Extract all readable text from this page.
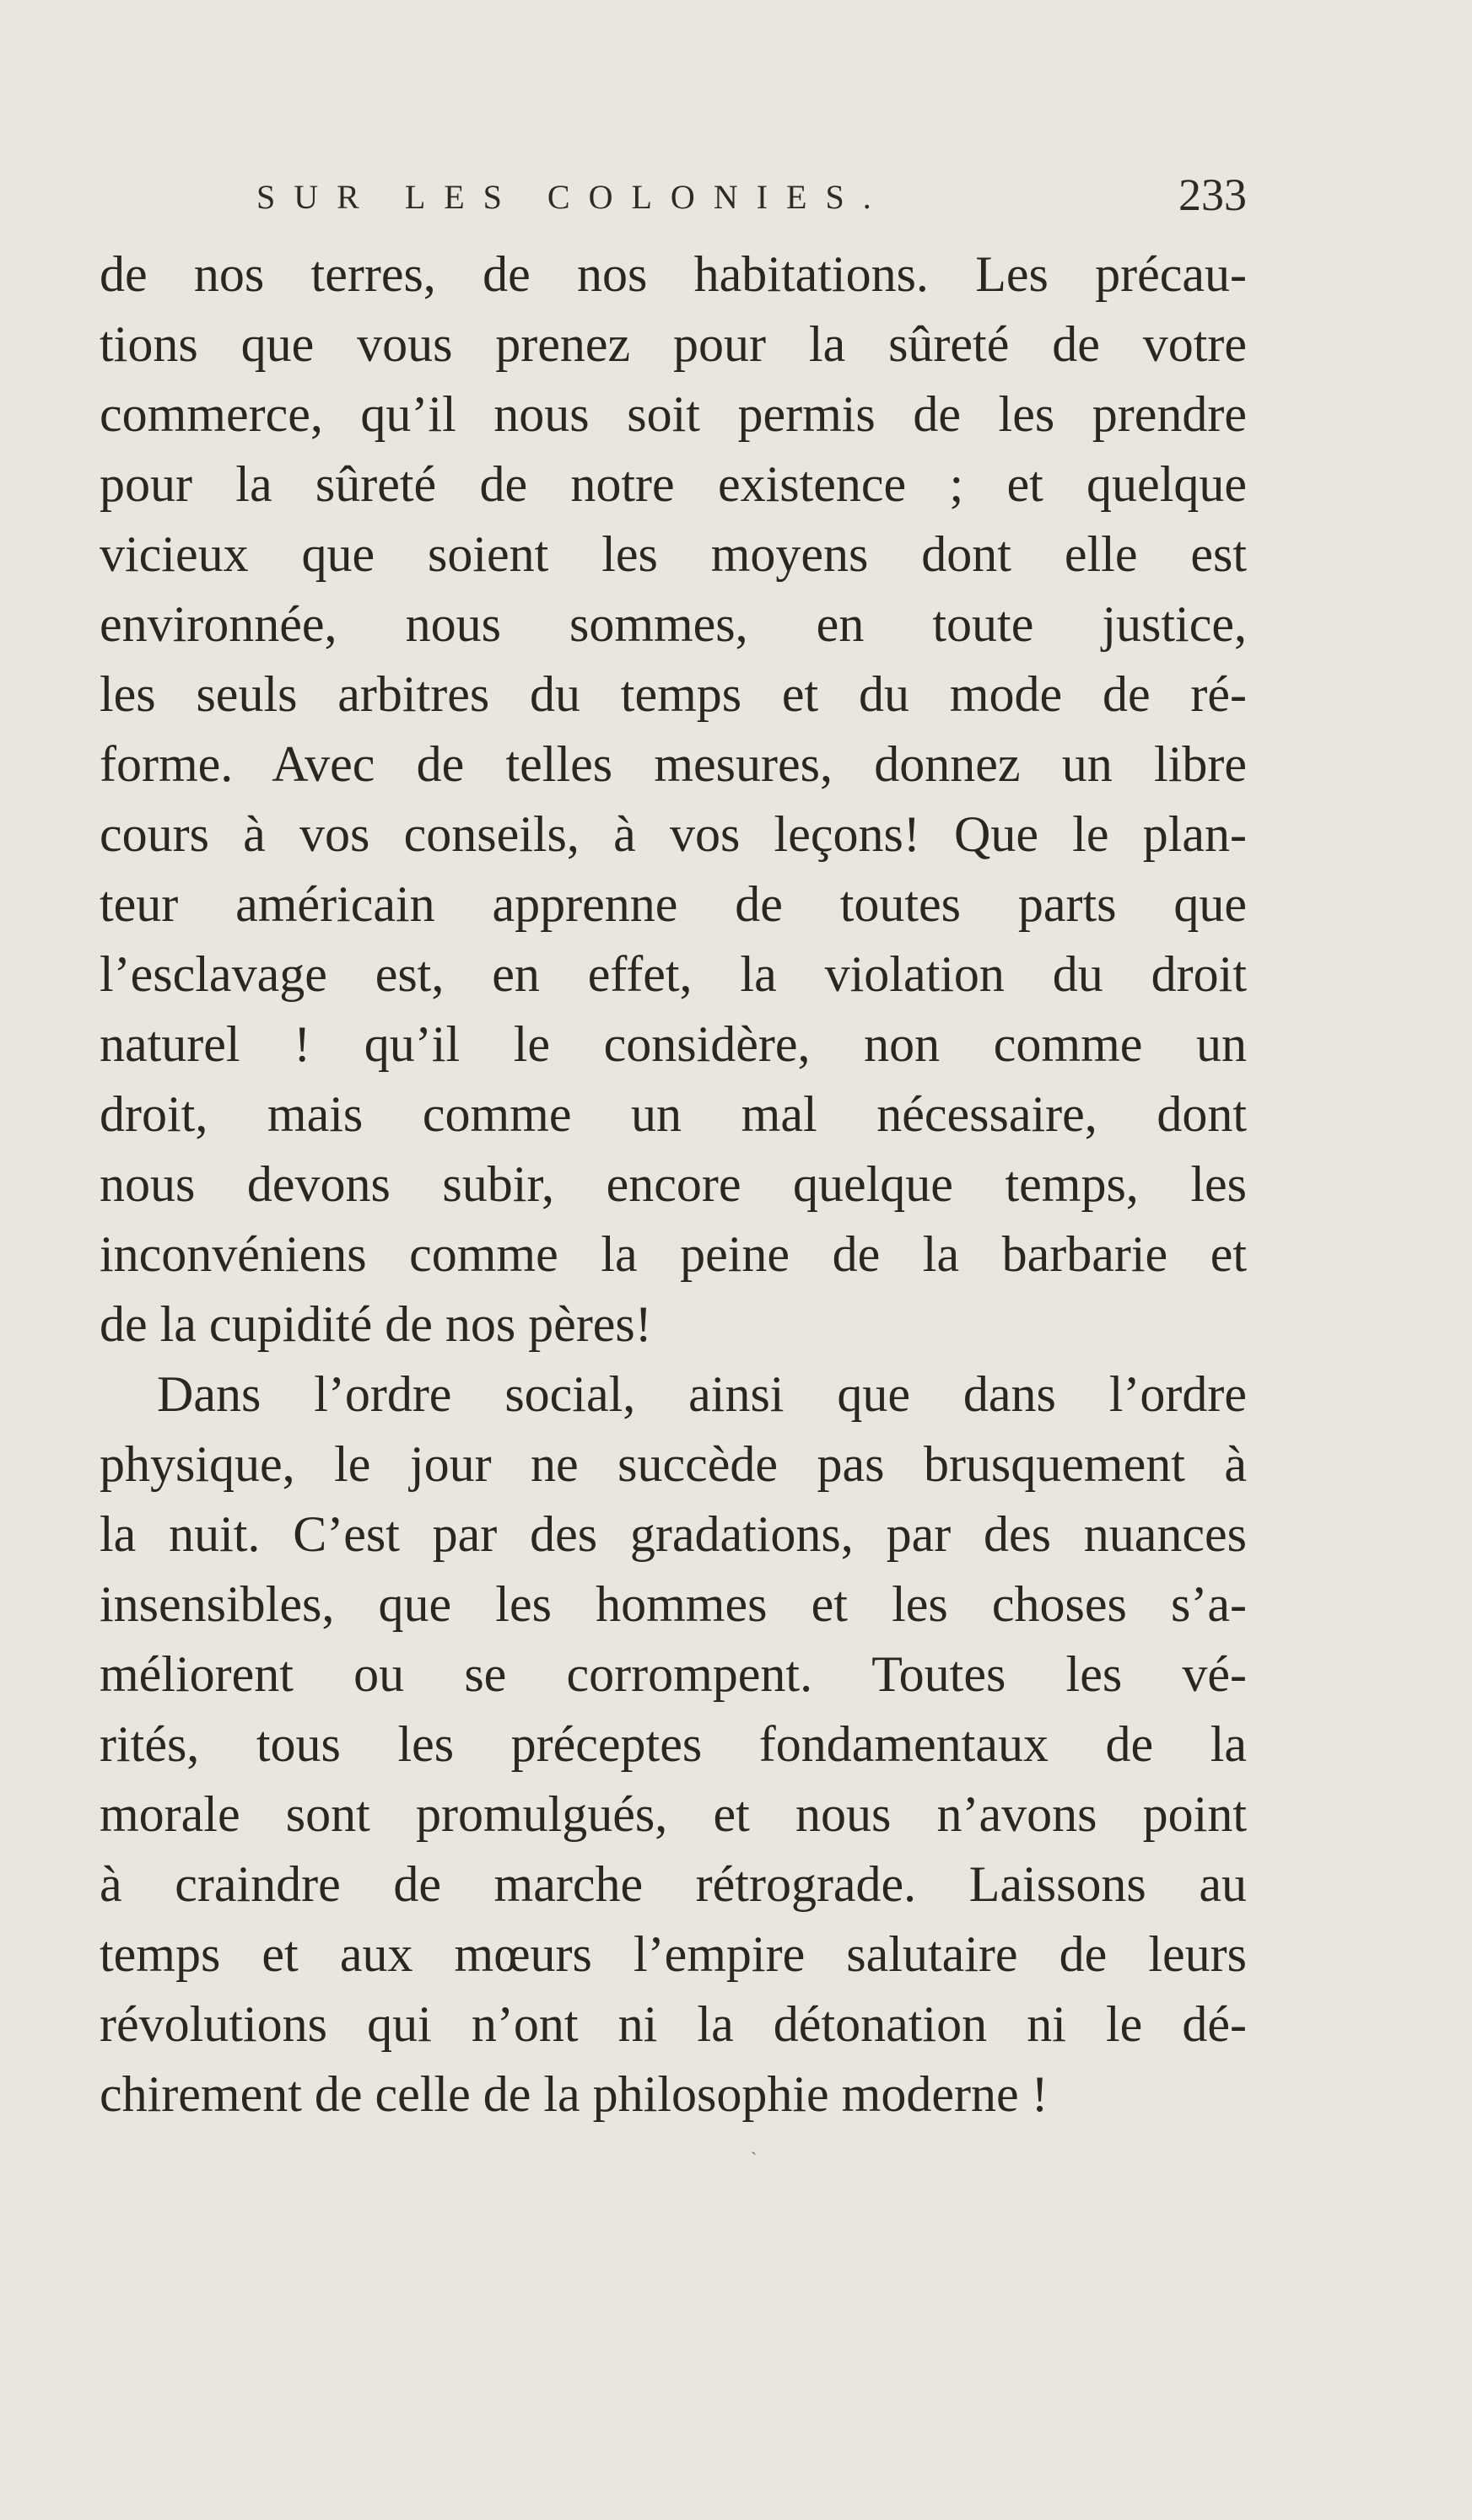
SUR LES COLONIES.	233
de nos terres, de nos habitations. Les précau-
tions que vous prenez pour la sûreté de votre
commerce, qu’il nous soit permis de les prendre
pour la sûreté de notre existence ; et quelque
vicieux que soient les moyens dont elle est
environnée, nous sommes, en toute justice,
les seuls arbitres du temps et du mode de ré-
forme. Avec de telles mesures, donnez un libre
cours à vos conseils, à vos leçons! Que le plan-
teur américain apprenne de toutes parts que
l’esclavage est, en effet, la violation du droit
naturel ! qu’il le considère, non comme un
droit, mais comme un mal nécessaire, dont
nous devons subir, encore quelque temps, les
inconvéniens comme la peine de la barbarie et
de la cupidité de nos pères!
Dans l’ordre social, ainsi que dans l’ordre
physique, le jour ne succède pas brusquement à
la nuit. C’est par des gradations, par des nuances
insensibles, que les hommes et les choses s’a-
méliorent ou se corrompent. Toutes les vé-
rités, tous les préceptes fondamentaux de la
morale sont promulgués, et nous n’avons point
à craindre de marche rétrograde. Laissons au
temps et aux mœurs l’empire salutaire de leurs
révolutions qui n’ont ni la détonation ni le dé-
chirement de celle de la philosophie moderne !
ˎ
